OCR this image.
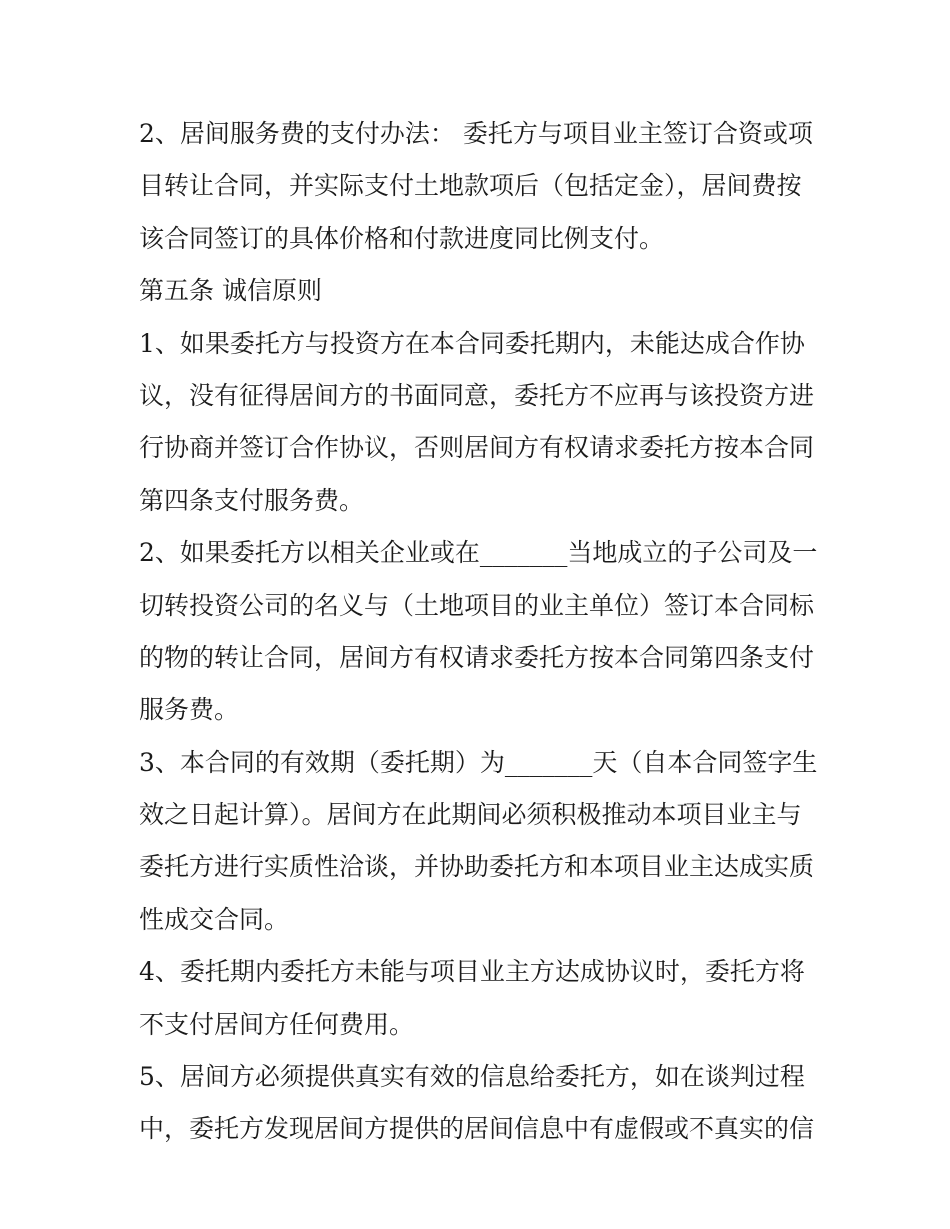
2、居间服务费的支付办法： 委托方与项目业主签订合资或项
目转让合同，并实际支付土地款项后（包括定金），居间费按
该合同签订的具体价格和付款进度同比例支付。
第五条 诚信原则
1、如果委托方与投资方在本合同委托期内，未能达成合作协
议，没有征得居间方的书面同意，委托方不应再与该投资方进
行协商并签订合作协议，否则居间方有权请求委托方按本合同
第四条支付服务费。
2、如果委托方以相关企业或在_______当地成立的子公司及一
切转投资公司的名义与（土地项目的业主单位）签订本合同标
的物的转让合同，居间方有权请求委托方按本合同第四条支付
服务费。
3、本合同的有效期（委托期）为_______天（自本合同签字生
效之日起计算）。居间方在此期间必须积极推动本项目业主与
委托方进行实质性洽谈，并协助委托方和本项目业主达成实质
性成交合同。
4、委托期内委托方未能与项目业主方达成协议时，委托方将
不支付居间方任何费用。
5、居间方必须提供真实有效的信息给委托方，如在谈判过程
中，委托方发现居间方提供的居间信息中有虚假或不真实的信
